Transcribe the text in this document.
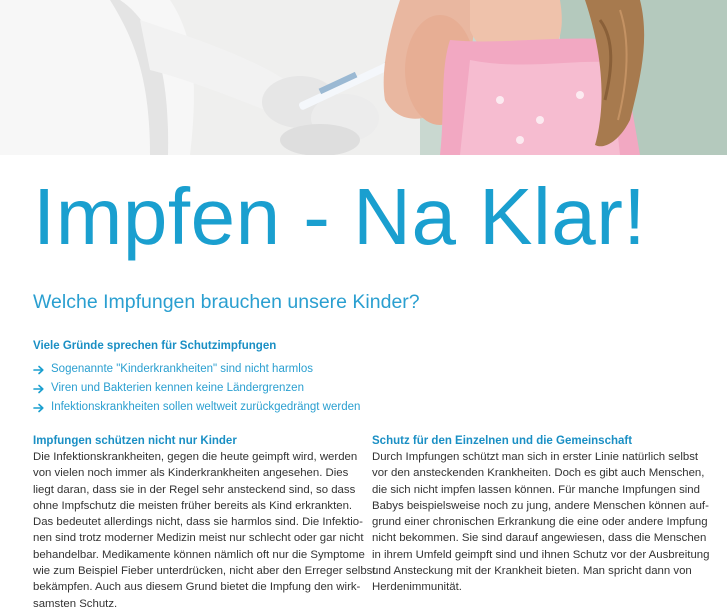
Impfen - Na Klar!
Welche Impfungen brauchen unsere Kinder?
Viele Gründe sprechen für Schutzimpfungen
Sogenannte "Kinderkrankheiten" sind nicht harmlos
Viren und Bakterien kennen keine Ländergrenzen
Infektionskrankheiten sollen weltweit zurückgedrängt werden
Impfungen schützen nicht nur Kinder

Die Infektionskrankheiten, gegen die heute geimpft wird, werden
von vielen noch immer als Kinderkrankheiten angesehen. Dies
liegt daran, dass sie in der Regel sehr ansteckend sind, so dass
ohne Impfschutz die meisten früher bereits als Kind erkrankten.
Das bedeutet allerdings nicht, dass sie harmlos sind. Die Infektio-
nen sind trotz moderner Medizin meist nur schlecht oder gar nicht
behandelbar. Medikamente können nämlich oft nur die Symptome
wie zum Beispiel Fieber unterdrücken, nicht aber den Erreger selbst
bekämpfen. Auch aus diesem Grund bietet die Impfung den wirk-
samsten Schutz.

Schutz für den Einzelnen und die Gemeinschaft

Durch Impfungen schützt man sich in erster Linie natürlich selbst
vor den ansteckenden Krankheiten. Doch es gibt auch Menschen,
die sich nicht impfen lassen können. Für manche Impfungen sind
Babys beispielsweise noch zu jung, andere Menschen können auf-
grund einer chronischen Erkrankung die eine oder andere Impfung
nicht bekommen. Sie sind darauf angewiesen, dass die Menschen
in ihrem Umfeld geimpft sind und ihnen Schutz vor der Ausbreitung
und Ansteckung mit der Krankheit bieten. Man spricht dann von
Herdenimmunität.
